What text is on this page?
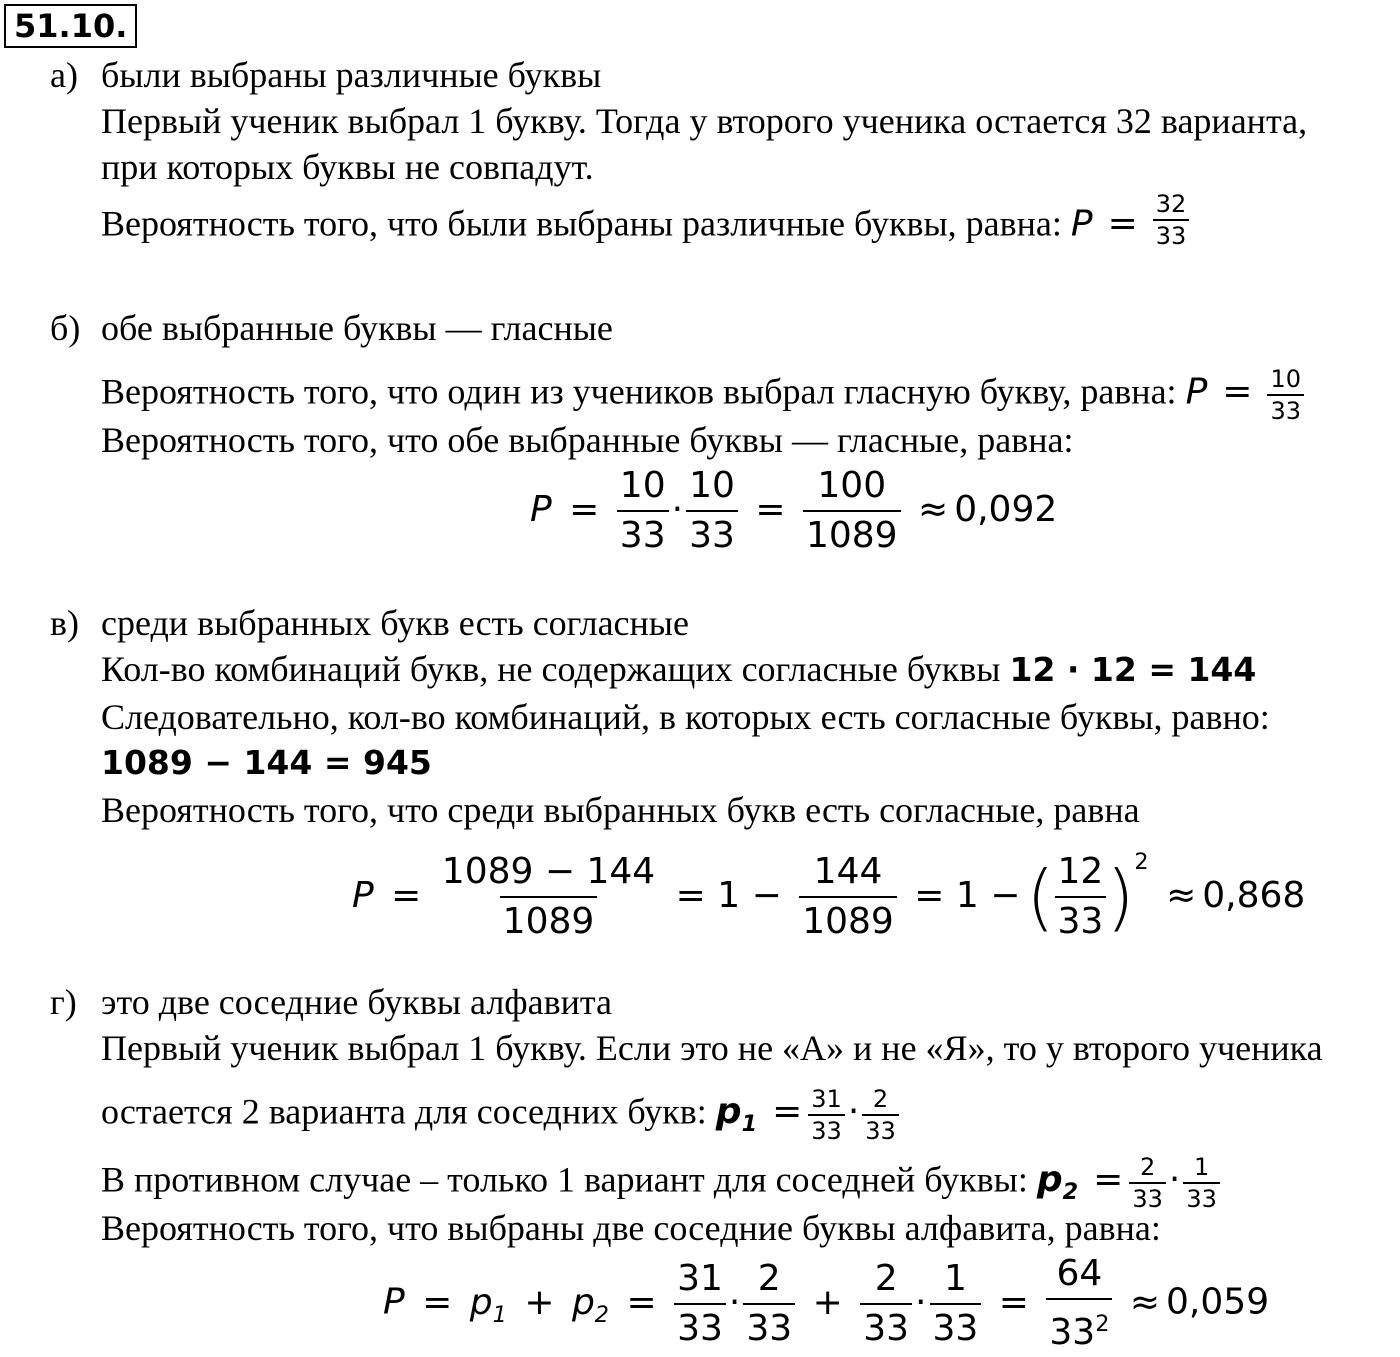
51.10.
а) были выбраны различные буквы
Первый ученик выбрал 1 букву. Тогда у второго ученика остается 32 варианта,
при которых буквы не совпадут.
Вероятность того, что были выбраны различные буквы, равна: $P = \frac{32}{33}$
б) обе выбранные буквы — гласные
Вероятность того, что один из учеников выбрал гласную букву, равна: $P = \frac{10}{33}$
Вероятность того, что обе выбранные буквы — гласные, равна:
$P = \frac{10}{33} \cdot \frac{10}{33} = \frac{100}{1089} \approx 0,092$
в) среди выбранных букв есть согласные
Кол-во комбинаций букв, не содержащих согласные буквы 12 · 12 = 144
Следовательно, кол-во комбинаций, в которых есть согласные буквы, равно:
1089 − 144 = 945
Вероятность того, что среди выбранных букв есть согласные, равна
$P = \frac{1089 - 144}{1089} = 1 - \frac{144}{1089} = 1$ −( $\frac{12}{33} )^2 \approx 0,868$
г) это две соседние буквы алфавита
Первый ученик выбрал 1 букву. Если это не «А» и не «Я», то у второго ученика
остается 2 варианта для соседних букв: $p_1 = \frac{31}{33} \cdot \frac{2}{33}$
В противном случае – только 1 вариант для соседней буквы: $p_2 = \frac{2}{33} \cdot \frac{1}{33}$
Вероятность того, что выбраны две соседние буквы алфавита, равна:
$P = p_1 + p_2 = \frac{31}{33} \cdot \frac{2}{33} + \frac{2}{33} \cdot \frac{1}{33} = \frac{64}{33^2} \approx 0,059$
